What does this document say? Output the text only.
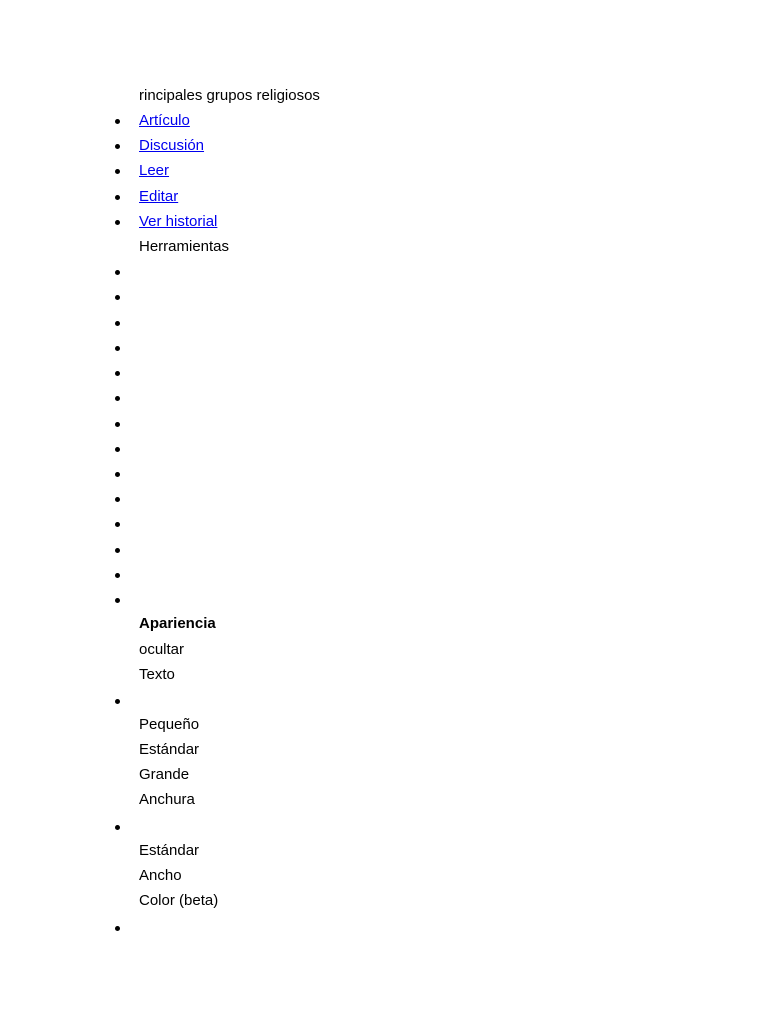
rincipales grupos religiosos
Artículo
Discusión
Leer
Editar
Ver historial
Herramientas
Apariencia
ocultar
Texto
Pequeño
Estándar
Grande
Anchura
Estándar
Ancho
Color (beta)
